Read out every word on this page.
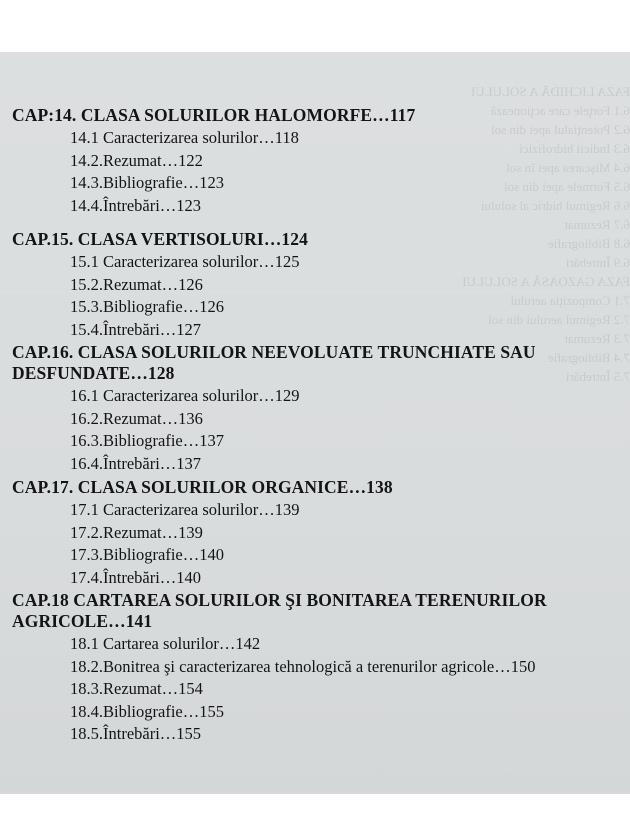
FAZA LICHIDĂ A SOLULUI
6.1 Forţele care acţionează
6.2 Potenţialul apei din sol
6.3 Indicii hidrofizici
6.4 Mişcarea apei în sol
6.5 Formele apei din sol
6.6 Regimul hidric al solului
6.7 Rezumat
6.8 Bibliografie
6.9 Întrebări
FAZA GAZOASĂ A SOLULUI
7.1 Compoziţia aerului
7.2 Regimul aerului din sol
7.3 Rezumat
7.4 Bibliografie
7.5 Întrebări
CAP:14. CLASA SOLURILOR HALOMORFE…117
14.1 Caracterizarea solurilor…118
14.2.Rezumat…122
14.3.Bibliografie…123
14.4.Întrebări…123
CAP.15. CLASA VERTISOLURI…124
15.1 Caracterizarea solurilor…125
15.2.Rezumat…126
15.3.Bibliografie…126
15.4.Întrebări…127
CAP.16. CLASA SOLURILOR NEEVOLUATE TRUNCHIATE SAU
DESFUNDATE…128
16.1 Caracterizarea solurilor…129
16.2.Rezumat…136
16.3.Bibliografie…137
16.4.Întrebări…137
CAP.17. CLASA SOLURILOR ORGANICE…138
17.1 Caracterizarea solurilor…139
17.2.Rezumat…139
17.3.Bibliografie…140
17.4.Întrebări…140
CAP.18 CARTAREA SOLURILOR ŞI BONITAREA TERENURILOR
AGRICOLE…141
18.1 Cartarea solurilor…142
18.2.Bonitrea şi caracterizarea tehnologică a terenurilor agricole…150
18.3.Rezumat…154
18.4.Bibliografie…155
18.5.Întrebări…155
